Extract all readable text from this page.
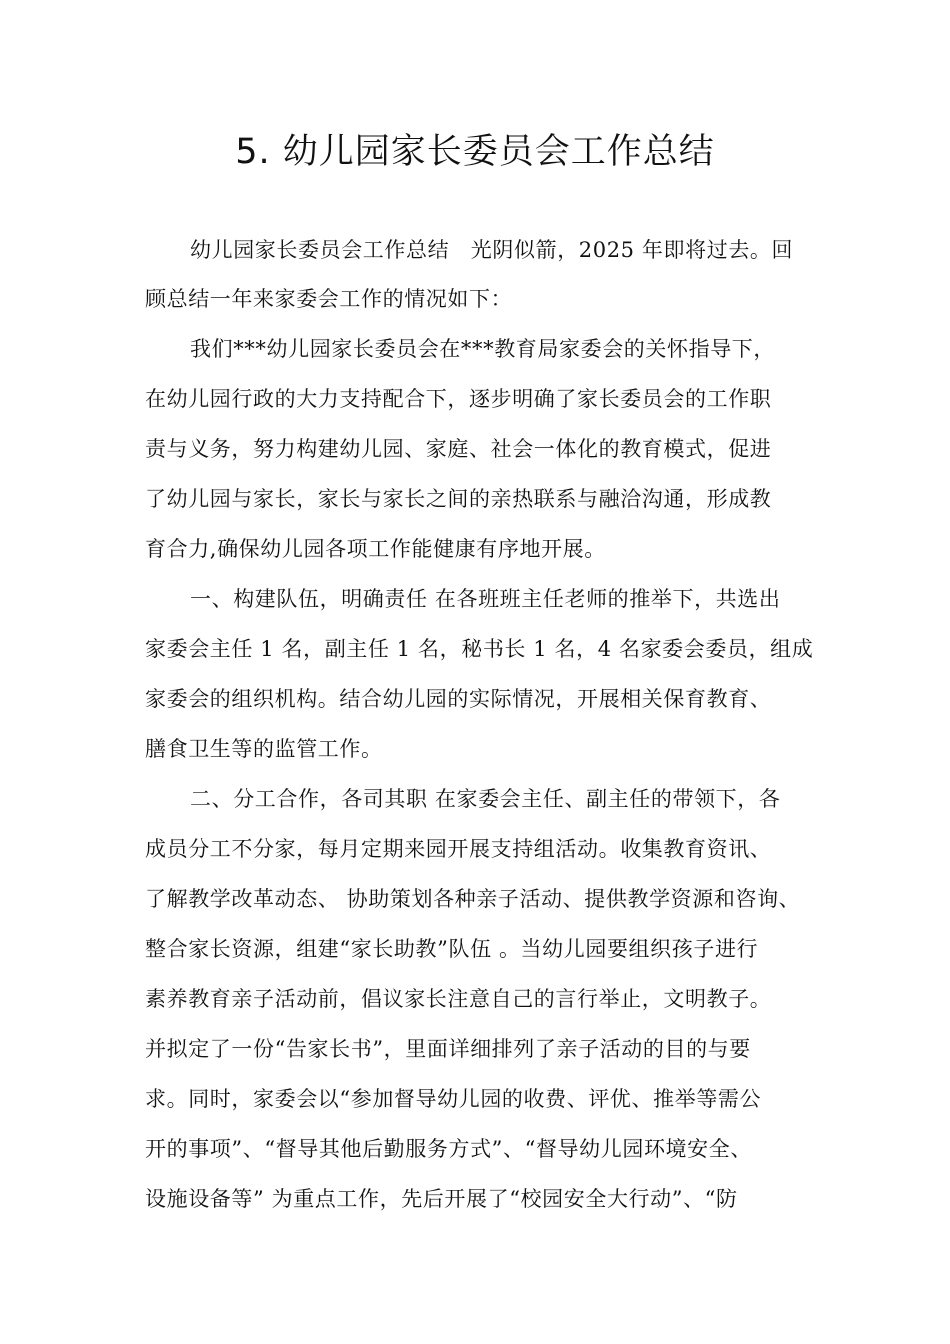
5. 幼儿园家长委员会工作总结
幼儿园家长委员会工作总结　光阴似箭，2025 年即将过去。回
顾总结一年来家委会工作的情况如下：
我们***幼儿园家长委员会在***教育局家委会的关怀指导下，
在幼儿园行政的大力支持配合下，逐步明确了家长委员会的工作职
责与义务，努力构建幼儿园、家庭、社会一体化的教育模式，促进
了幼儿园与家长，家长与家长之间的亲热联系与融洽沟通，形成教
育合力,确保幼儿园各项工作能健康有序地开展。
一、构建队伍，明确责任 在各班班主任老师的推举下，共选出
家委会主任 1 名，副主任 1 名，秘书长 1 名，4 名家委会委员，组成
家委会的组织机构。结合幼儿园的实际情况，开展相关保育教育、
膳食卫生等的监管工作。
二、分工合作，各司其职 在家委会主任、副主任的带领下，各
成员分工不分家，每月定期来园开展支持组活动。收集教育资讯、
了解教学改革动态、 协助策划各种亲子活动、提供教学资源和咨询、
整合家长资源，组建“家长助教”队伍 。当幼儿园要组织孩子进行
素养教育亲子活动前，倡议家长注意自己的言行举止，文明教子。
并拟定了一份“告家长书”，里面详细排列了亲子活动的目的与要
求。同时，家委会以“参加督导幼儿园的收费、评优、推举等需公
开的事项”、“督导其他后勤服务方式”、“督导幼儿园环境安全、
设施设备等” 为重点工作，先后开展了“校园安全大行动”、“防
